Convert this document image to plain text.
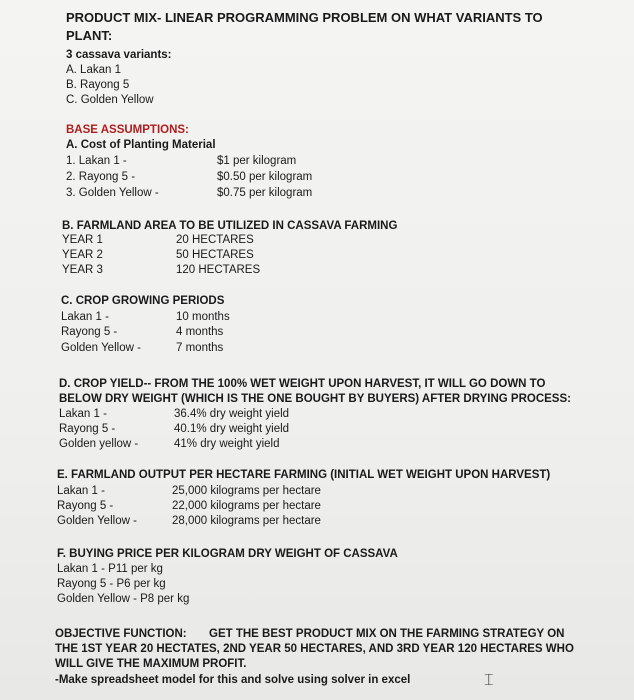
PRODUCT MIX- LINEAR PROGRAMMING PROBLEM ON WHAT VARIANTS TO
PLANT:
3 cassava variants:
A. Lakan 1
B. Rayong 5
C. Golden Yellow
BASE ASSUMPTIONS:
A. Cost of Planting Material
1. Lakan 1 -	$1 per kilogram
2. Rayong 5 -	$0.50 per kilogram
3. Golden Yellow -	$0.75 per kilogram
B. FARMLAND AREA TO BE UTILIZED IN CASSAVA FARMING
YEAR 1	20 HECTARES
YEAR 2	50 HECTARES
YEAR 3	120 HECTARES
C. CROP GROWING PERIODS
Lakan 1 -	10 months
Rayong 5 -	4 months
Golden Yellow -	7 months
D. CROP YIELD-- FROM THE 100% WET WEIGHT UPON HARVEST, IT WILL GO DOWN TO
BELOW DRY WEIGHT (WHICH IS THE ONE BOUGHT BY BUYERS) AFTER DRYING PROCESS:
Lakan 1 -	36.4% dry weight yield
Rayong 5 -	40.1% dry weight yield
Golden yellow -	41% dry weight yield
E. FARMLAND OUTPUT PER HECTARE FARMING (INITIAL WET WEIGHT UPON HARVEST)
Lakan 1 -	25,000 kilograms per hectare
Rayong 5 -	22,000 kilograms per hectare
Golden Yellow -	28,000 kilograms per hectare
F. BUYING PRICE PER KILOGRAM DRY WEIGHT OF CASSAVA
Lakan 1 - P11 per kg
Rayong 5 - P6 per kg
Golden Yellow - P8 per kg
OBJECTIVE FUNCTION: GET THE BEST PRODUCT MIX ON THE FARMING STRATEGY ON
THE 1ST YEAR 20 HECTATES, 2ND YEAR 50 HECTARES, AND 3RD YEAR 120 HECTARES WHO
WILL GIVE THE MAXIMUM PROFIT.
-Make spreadsheet model for this and solve using solver in excel	⌶
